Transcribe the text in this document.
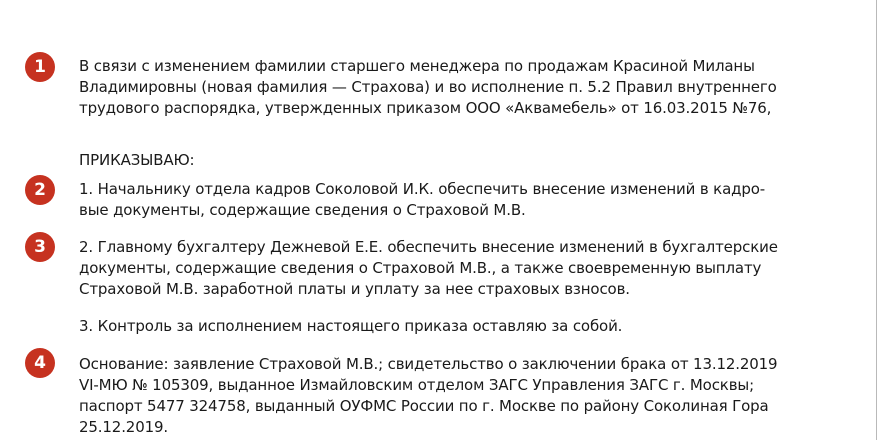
1	В связи с изменением фамилии старшего менеджера по продажам Красиной Миланы
Владимировны (новая фамилия — Страхова) и во исполнение п. 5.2 Правил внутреннего
трудового распорядка, утвержденных приказом ООО «Аквамебель» от 16.03.2015 №76,

ПРИКАЗЫВАЮ:

2	1. Начальнику отдела кадров Соколовой И.К. обеспечить внесение изменений в кадро-
вые документы, содержащие сведения о Страховой М.В.

3	2. Главному бухгалтеру Дежневой Е.Е. обеспечить внесение изменений в бухгалтерские
документы, содержащие сведения о Страховой М.В., а также своевременную выплату
Страховой М.В. заработной платы и уплату за нее страховых взносов.

3. Контроль за исполнением настоящего приказа оставляю за собой.

4	Основание: заявление Страховой М.В.; свидетельство о заключении брака от 13.12.2019
VI-МЮ № 105309, выданное Измайловским отделом ЗАГС Управления ЗАГС г. Москвы;
паспорт 5477 324758, выданный ОУФМС России по г. Москве по району Соколиная Гора
25.12.2019.
